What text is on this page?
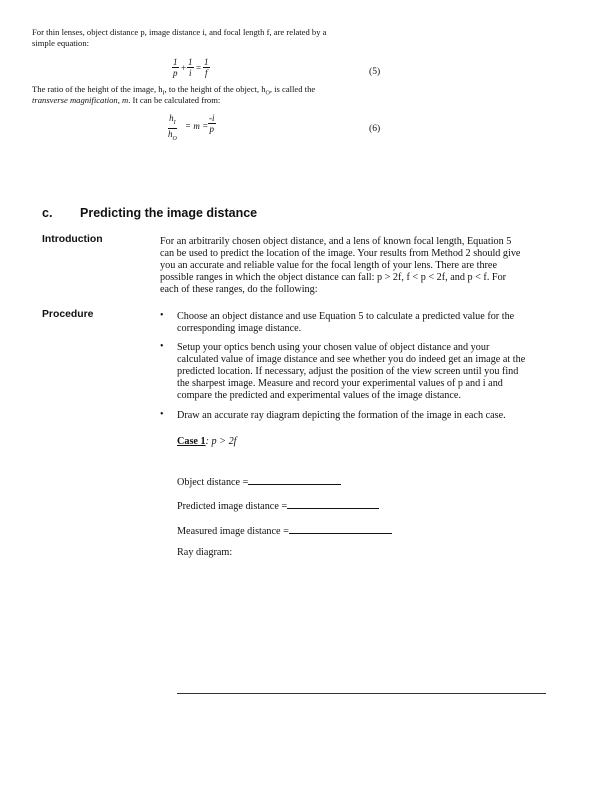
For thin lenses, object distance p, image distance i, and focal length f, are related by a
simple equation:
$\frac{1}{p} + \frac{1}{i} = \frac{1}{f}$	(5)
The ratio of the height of the image, $h_I$, to the height of the object, $h_O$, is called the
transverse magnification, m. It can be calculated from:
$\frac{h_I}{h_O} = m = \frac{-i}{p}$	(6)
c. Predicting the image distance
Introduction	For an arbitrarily chosen object distance, and a lens of known focal length, Equation 5
can be used to predict the location of the image. Your results from Method 2 should give
you an accurate and reliable value for the focal length of your lens. There are three
possible ranges in which the object distance can fall: p > 2f, f < p < 2f, and p < f. For
each of these ranges, do the following:
Procedure	• Choose an object distance and use Equation 5 to calculate a predicted value for the
corresponding image distance.
• Setup your optics bench using your chosen value of object distance and your
calculated value of image distance and see whether you do indeed get an image at the
predicted location. If necessary, adjust the position of the view screen until you find
the sharpest image. Measure and record your experimental values of p and i and
compare the predicted and experimental values of the image distance.
• Draw an accurate ray diagram depicting the formation of the image in each case.
Case 1: p > 2f
Object distance =
Predicted image distance =
Measured image distance =
Ray diagram:
